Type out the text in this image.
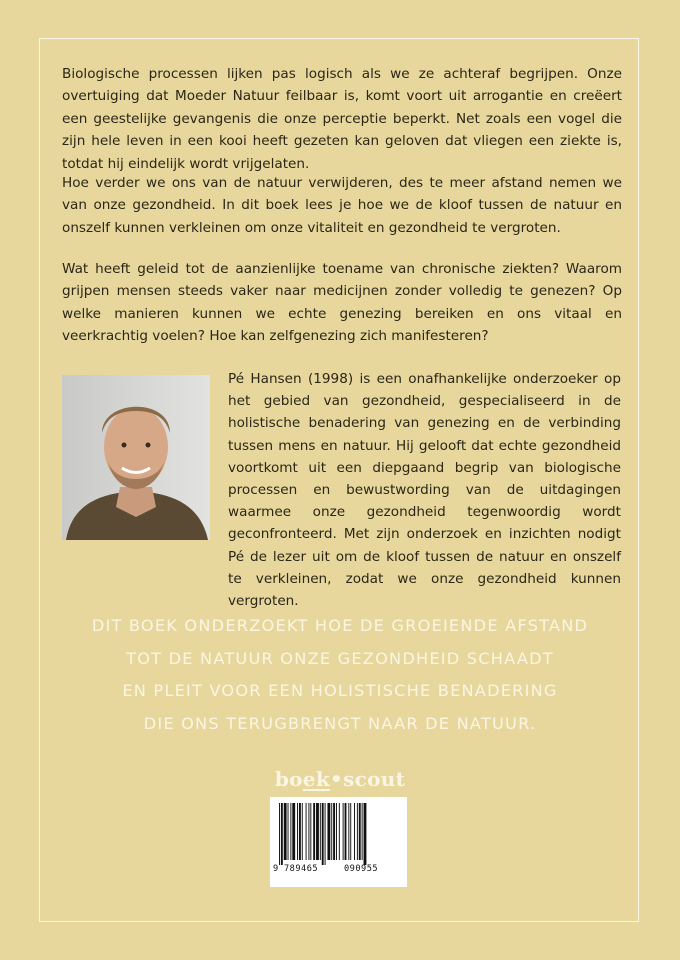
Biologische processen lijken pas logisch als we ze achteraf begrijpen. Onze overtuiging dat Moeder Natuur feilbaar is, komt voort uit arrogantie en creëert een geestelijke gevangenis die onze perceptie beperkt. Net zoals een vogel die zijn hele leven in een kooi heeft gezeten kan geloven dat vliegen een ziekte is, totdat hij eindelijk wordt vrijgelaten.

Hoe verder we ons van de natuur verwijderen, des te meer afstand nemen we van onze gezondheid. In dit boek lees je hoe we de kloof tussen de natuur en onszelf kunnen verkleinen om onze vitaliteit en gezondheid te vergroten.

Wat heeft geleid tot de aanzienlijke toename van chronische ziekten? Waarom grijpen mensen steeds vaker naar medicijnen zonder volledig te genezen? Op welke manieren kunnen we echte genezing bereiken en ons vitaal en veerkrachtig voelen? Hoe kan zelfgenezing zich manifesteren?

Pé Hansen (1998) is een onafhankelijke onderzoeker op het gebied van gezondheid, gespecialiseerd in de holistische benadering van genezing en de verbinding tussen mens en natuur. Hij gelooft dat echte gezondheid voortkomt uit een diepgaand begrip van biologische processen en bewustwording van de uitdagingen waarmee onze gezondheid tegenwoordig wordt geconfronteerd. Met zijn onderzoek en inzichten nodigt Pé de lezer uit om de kloof tussen de natuur en onszelf te verkleinen, zodat we onze gezondheid kunnen vergroten.

DIT BOEK ONDERZOEKT HOE DE GROEIENDE AFSTAND
TOT DE NATUUR ONZE GEZONDHEID SCHAADT
EN PLEIT VOOR EEN HOLISTISCHE BENADERING
DIE ONS TERUGBRENGT NAAR DE NATUUR.
boek•scout
9 789465	090955
